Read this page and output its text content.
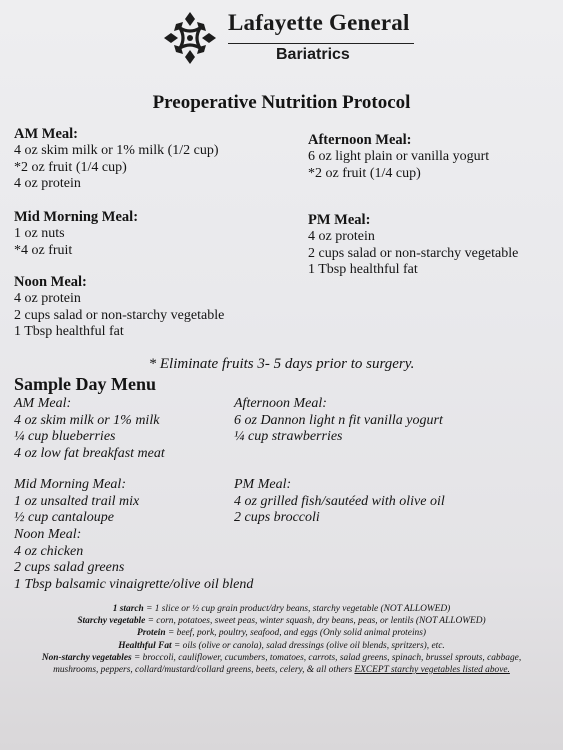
Lafayette General
Bariatrics
Preoperative Nutrition Protocol
AM Meal:
4 oz skim milk or 1% milk (1/2 cup)
*2 oz fruit (1/4 cup)
4 oz protein
Mid Morning Meal:
1 oz nuts
*4 oz fruit
Noon Meal:
4 oz protein
2 cups salad or non-starchy vegetable
1 Tbsp healthful fat
Afternoon Meal:
6 oz light plain or vanilla yogurt
*2 oz fruit (1/4 cup)
PM Meal:
4 oz protein
2 cups salad or non-starchy vegetable
1 Tbsp healthful fat
* Eliminate fruits 3- 5 days prior to surgery.
Sample Day Menu
AM Meal:
4 oz skim milk or 1% milk
¼ cup blueberries
4 oz low fat breakfast meat
Afternoon Meal:
6 oz Dannon light n fit vanilla yogurt
¼ cup strawberries
Mid Morning Meal:
1 oz unsalted trail mix
½ cup cantaloupe
PM Meal:
4 oz grilled fish/sautéed with olive oil
2 cups broccoli
Noon Meal:
4 oz chicken
2 cups salad greens
1 Tbsp balsamic vinaigrette/olive oil blend
1 starch = 1 slice or ½ cup grain product/dry beans, starchy vegetable (NOT ALLOWED)
Starchy vegetable = corn, potatoes, sweet peas, winter squash, dry beans, peas, or lentils (NOT ALLOWED)
Protein = beef, pork, poultry, seafood, and eggs (Only solid animal proteins)
Healthful Fat = oils (olive or canola), salad dressings (olive oil blends, spritzers), etc.
Non-starchy vegetables = broccoli, cauliflower, cucumbers, tomatoes, carrots, salad greens, spinach, brussel sprouts, cabbage,
mushrooms, peppers, collard/mustard/collard greens, beets, celery, & all others EXCEPT starchy vegetables listed above.
